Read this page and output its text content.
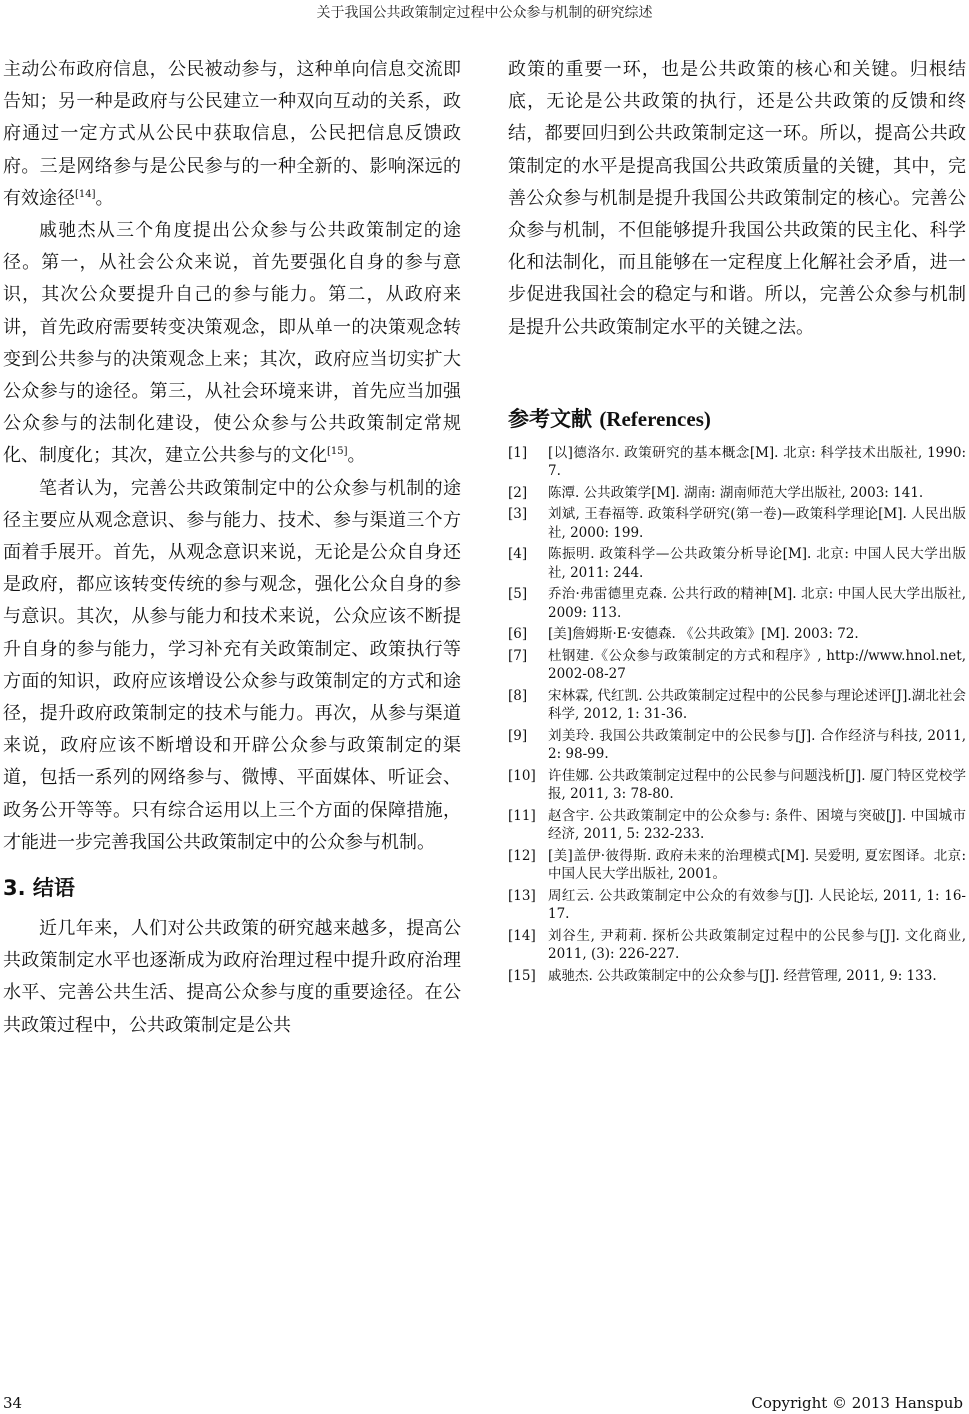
关于我国公共政策制定过程中公众参与机制的研究综述

主动公布政府信息，公民被动参与，这种单向信息交流即告知；另一种是政府与公民建立一种双向互动的关系，政府通过一定方式从公民中获取信息，公民把信息反馈政府。三是网络参与是公民参与的一种全新的、影响深远的有效途径[14]。

戚驰杰从三个角度提出公众参与公共政策制定的途径。第一，从社会公众来说，首先要强化自身的参与意识，其次公众要提升自己的参与能力。第二，从政府来讲，首先政府需要转变决策观念，即从单一的决策观念转变到公共参与的决策观念上来；其次，政府应当切实扩大公众参与的途径。第三，从社会环境来讲，首先应当加强公众参与的法制化建设，使公众参与公共政策制定常规化、制度化；其次，建立公共参与的文化[15]。

笔者认为，完善公共政策制定中的公众参与机制的途径主要应从观念意识、参与能力、技术、参与渠道三个方面着手展开。首先，从观念意识来说，无论是公众自身还是政府，都应该转变传统的参与观念，强化公众自身的参与意识。其次，从参与能力和技术来说，公众应该不断提升自身的参与能力，学习补充有关政策制定、政策执行等方面的知识，政府应该增设公众参与政策制定的方式和途径，提升政府政策制定的技术与能力。再次，从参与渠道来说，政府应该不断增设和开辟公众参与政策制定的渠道，包括一系列的网络参与、微博、平面媒体、听证会、政务公开等等。只有综合运用以上三个方面的保障措施，才能进一步完善我国公共政策制定中的公众参与机制。

3. 结语

近几年来，人们对公共政策的研究越来越多，提高公共政策制定水平也逐渐成为政府治理过程中提升政府治理水平、完善公共生活、提高公众参与度的重要途径。在公共政策过程中，公共政策制定是公共

政策的重要一环，也是公共政策的核心和关键。归根结底，无论是公共政策的执行，还是公共政策的反馈和终结，都要回归到公共政策制定这一环。所以，提高公共政策制定的水平是提高我国公共政策质量的关键，其中，完善公众参与机制是提升我国公共政策制定的核心。完善公众参与机制，不但能够提升我国公共政策的民主化、科学化和法制化，而且能够在一定程度上化解社会矛盾，进一步促进我国社会的稳定与和谐。所以，完善公众参与机制是提升公共政策制定水平的关键之法。

参考文献 (References)
[1]	[以]德洛尔. 政策研究的基本概念[M]. 北京: 科学技术出版社, 1990: 7.
[2]	陈潭. 公共政策学[M]. 湖南: 湖南师范大学出版社, 2003: 141.
[3]	刘斌, 王春福等. 政策科学研究(第一卷)—政策科学理论[M]. 人民出版社, 2000: 199.
[4]	陈振明. 政策科学—公共政策分析导论[M]. 北京: 中国人民大学出版社, 2011: 244.
[5]	乔治·弗雷德里克森. 公共行政的精神[M]. 北京: 中国人民大学出版社, 2009: 113.
[6]	[美]詹姆斯·E·安德森. 《公共政策》[M]. 2003: 72.
[7]	杜钢建.《公众参与政策制定的方式和程序》, http://www.hnol.net, 2002-08-27
[8]	宋林霖, 代红凯. 公共政策制定过程中的公民参与理论述评[J].湖北社会科学, 2012, 1: 31-36.
[9]	刘美玲. 我国公共政策制定中的公民参与[J]. 合作经济与科技, 2011, 2: 98-99.
[10] 许佳娜. 公共政策制定过程中的公民参与问题浅析[J]. 厦门特区党校学报, 2011, 3: 78-80.
[11] 赵含宇. 公共政策制定中的公众参与: 条件、困境与突破[J]. 中国城市经济, 2011, 5: 232-233.
[12] [美]盖伊·彼得斯. 政府未来的治理模式[M]. 吴爱明, 夏宏图译。北京: 中国人民大学出版社, 2001。
[13] 周红云. 公共政策制定中公众的有效参与[J]. 人民论坛, 2011, 1: 16-17.
[14] 刘谷生, 尹莉莉. 探析公共政策制定过程中的公民参与[J]. 文化商业, 2011, (3): 226-227.
[15] 戚驰杰. 公共政策制定中的公众参与[J]. 经营管理, 2011, 9: 133.
34	Copyright © 2013 Hanspub
